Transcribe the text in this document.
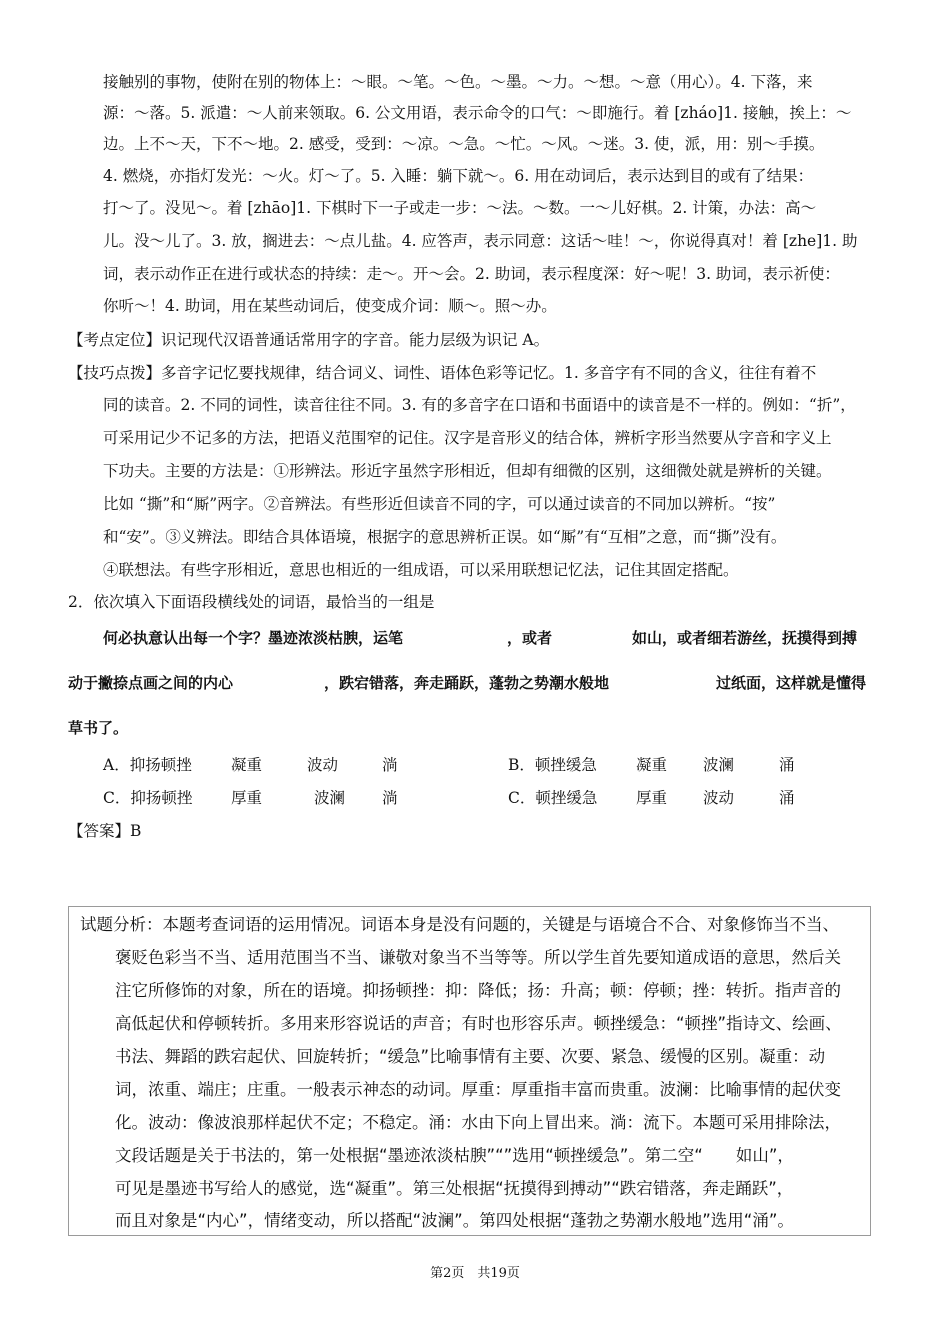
接触别的事物，使附在别的物体上：～眼。～笔。～色。～墨。～力。～想。～意（用心）。4. 下落，来
源：～落。5. 派遣：～人前来领取。6. 公文用语，表示命令的口气：～即施行。着 [zháo]1. 接触，挨上：～
边。上不～天，下不～地。2. 感受，受到：～凉。～急。～忙。～风。～迷。3. 使，派，用：别～手摸。
4. 燃烧，亦指灯发光：～火。灯～了。5. 入睡：躺下就～。6. 用在动词后，表示达到目的或有了结果：
打～了。没见～。着 [zhāo]1. 下棋时下一子或走一步：～法。～数。一～儿好棋。2. 计策，办法：高～
儿。没～儿了。3. 放，搁进去：～点儿盐。4. 应答声，表示同意：这话～哇！～，你说得真对！着 [zhe]1. 助
词，表示动作正在进行或状态的持续：走～。开～会。2. 助词，表示程度深：好～呢！3. 助词，表示祈使：
你听～！4. 助词，用在某些动词后，使变成介词：顺～。照～办。
【考点定位】识记现代汉语普通话常用字的字音。能力层级为识记 A。
【技巧点拨】多音字记忆要找规律，结合词义、词性、语体色彩等记忆。1. 多音字有不同的含义，往往有着不
同的读音。2. 不同的词性，读音往往不同。3. 有的多音字在口语和书面语中的读音是不一样的。例如：“折”，
可采用记少不记多的方法，把语义范围窄的记住。汉字是音形义的结合体，辨析字形当然要从字音和字义上
下功夫。主要的方法是：①形辨法。形近字虽然字形相近，但却有细微的区别，这细微处就是辨析的关键。
比如 “撕”和“厮”两字。②音辨法。有些形近但读音不同的字，可以通过读音的不同加以辨析。“按”
和“安”。③义辨法。即结合具体语境，根据字的意思辨析正误。如“厮”有“互相”之意，而“撕”没有。
④联想法。有些字形相近，意思也相近的一组成语，可以采用联想记忆法，记住其固定搭配。
2．依次填入下面语段横线处的词语，最恰当的一组是
何必执意认出每一个字？墨迹浓淡枯腴，运笔	，或者	如山，或者细若游丝，抚摸得到搏
动于撇捺点画之间的内心	，跌宕错落，奔走踊跃，蓬勃之势潮水般地	过纸面，这样就是懂得
草书了。
A．抑扬顿挫	凝重	波动	淌	B．顿挫缓急	凝重 波澜	涌
C．抑扬顿挫 厚重	波澜 淌	C．顿挫缓急 厚重 波动	涌
【答案】B
试题分析：本题考查词语的运用情况。词语本身是没有问题的，关键是与语境合不合、对象修饰当不当、
褒贬色彩当不当、适用范围当不当、谦敬对象当不当等等。所以学生首先要知道成语的意思，然后关
注它所修饰的对象，所在的语境。抑扬顿挫：抑：降低；扬：升高；顿：停顿；挫：转折。指声音的
高低起伏和停顿转折。多用来形容说话的声音；有时也形容乐声。顿挫缓急：“顿挫”指诗文、绘画、
书法、舞蹈的跌宕起伏、回旋转折；“缓急”比喻事情有主要、次要、紧急、缓慢的区别。凝重：动
词，浓重、端庄；庄重。一般表示神态的动词。厚重：厚重指丰富而贵重。波澜：比喻事情的起伏变
化。波动：像波浪那样起伏不定；不稳定。涌：水由下向上冒出来。淌：流下。本题可采用排除法，
文段话题是关于书法的，第一处根据“墨迹浓淡枯腴”“”选用“顿挫缓急”。第二空“　　如山”，
可见是墨迹书写给人的感觉，选“凝重”。第三处根据“抚摸得到搏动”“跌宕错落，奔走踊跃”，
而且对象是“内心”，情绪变动，所以搭配“波澜”。第四处根据“蓬勃之势潮水般地”选用“涌”。
第2页　共19页
